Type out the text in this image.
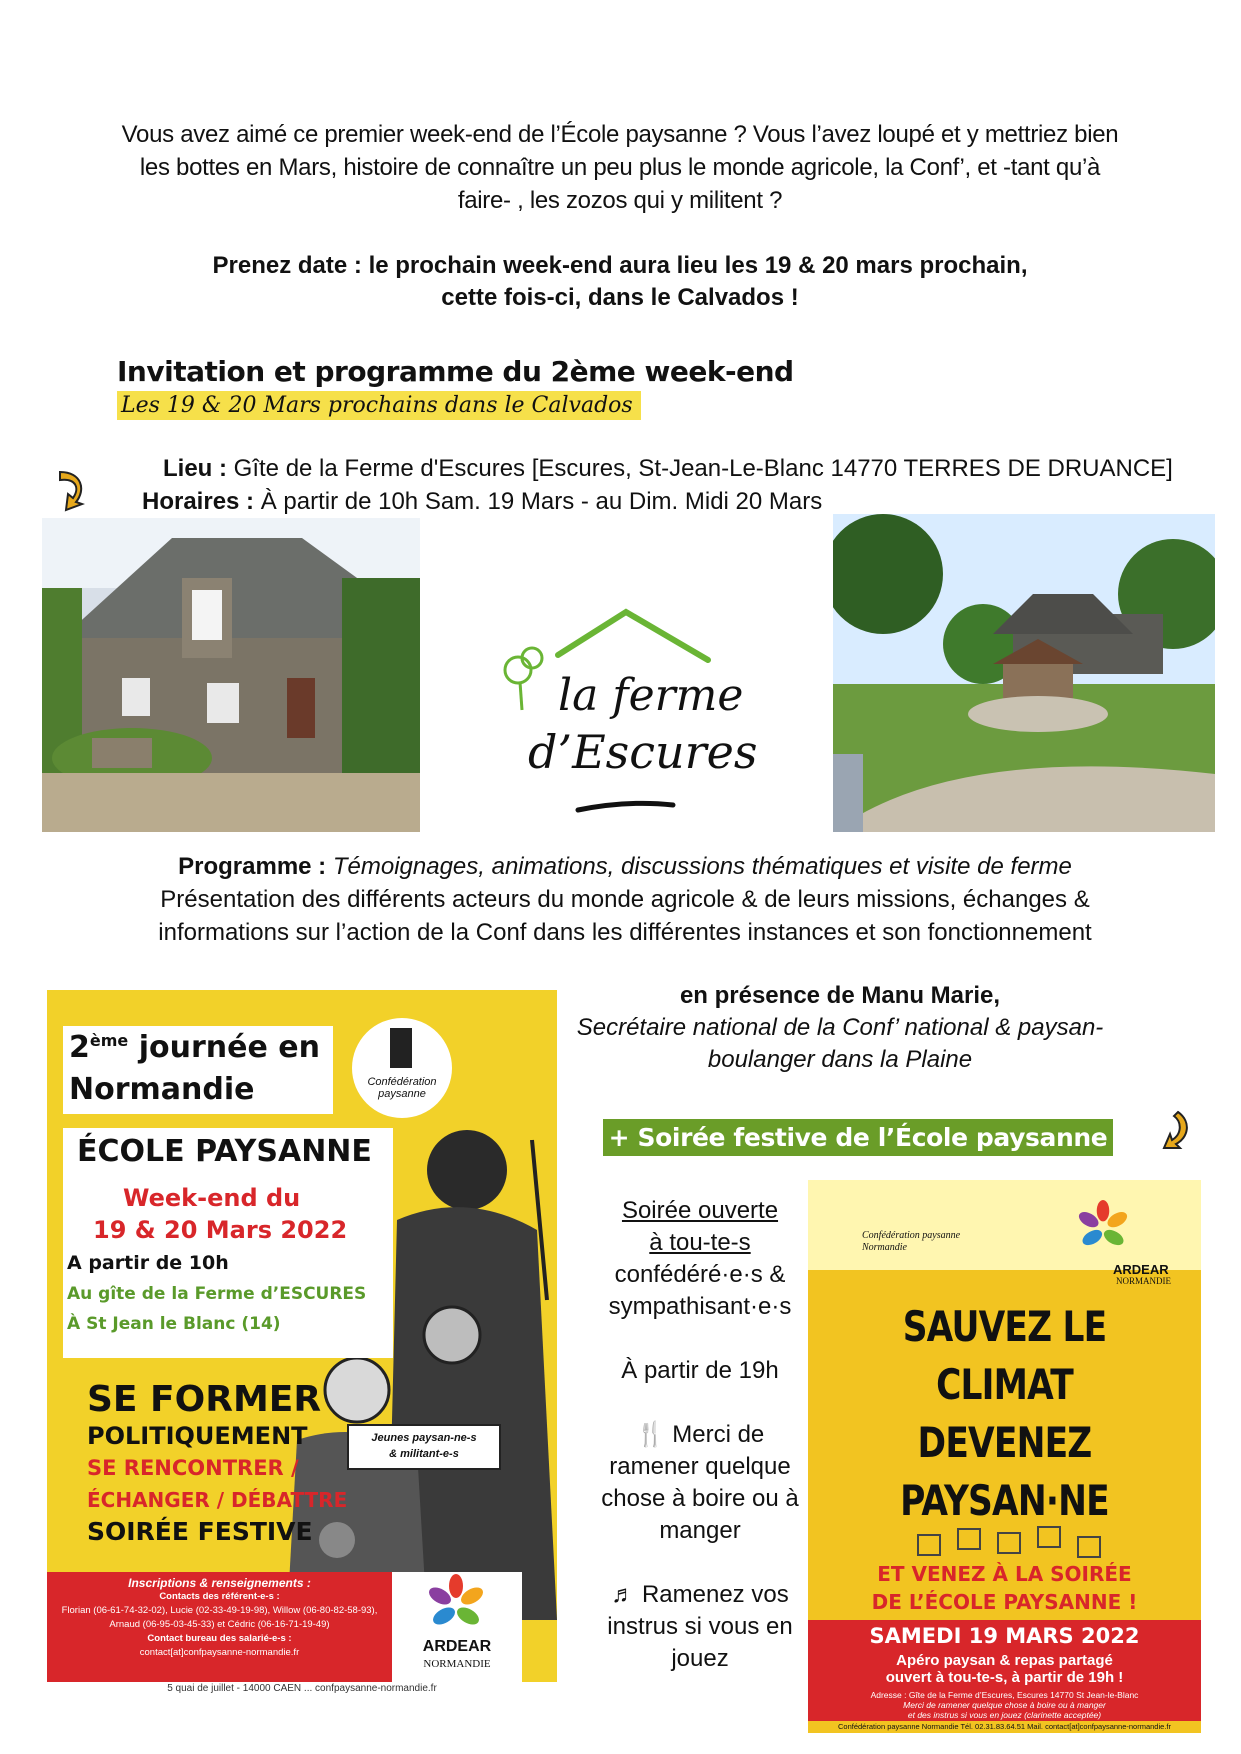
Vous avez aimé ce premier week-end de l’École paysanne ? Vous l’avez loupé et y mettriez bien
les bottes en Mars, histoire de connaître un peu plus le monde agricole, la Conf’, et -tant qu’à
faire- , les zozos qui y militent ?
Prenez date : le prochain week-end aura lieu les 19 & 20 mars prochain,
cette fois-ci, dans le Calvados !
Invitation et programme du 2ème week-end
Les 19 & 20 Mars prochains dans le Calvados
Lieu : Gîte de la Ferme d'Escures [Escures, St-Jean-Le-Blanc 14770 TERRES DE DRUANCE]
Horaires : À partir de 10h Sam. 19 Mars - au Dim. Midi 20 Mars
la ferme
d’Escures
Programme : Témoignages, animations, discussions thématiques et visite de ferme
Présentation des différents acteurs du monde agricole & de leurs missions, échanges &
informations sur l’action de la Conf dans les différentes instances et son fonctionnement
en présence de Manu Marie,
Secrétaire national de la Conf’ national & paysan-
boulanger dans la Plaine
+ Soirée festive de l’École paysanne
Soirée ouverte
à tou-te-s
confédéré·e·s &
sympathisant·e·s
À partir de 19h
🍴 Merci de
ramener quelque
chose à boire ou à
manger
♬ Ramenez vos
instrus si vous en
jouez
2ème journée en
Normandie	Confédération paysanne
ÉCOLE PAYSANNE
Week-end du
19 & 20 Mars 2022
A partir de 10h
Au gîte de la Ferme d’ESCURES
À St Jean le Blanc (14)
SE FORMER
POLITIQUEMENT
SE RENCONTRER /
ÉCHANGER / DÉBATTRE
SOIRÉE FESTIVE
Jeunes paysan-ne-s
& militant-e-s
Inscriptions & renseignements :
Contacts des référent-e-s :
Florian (06-61-74-32-02), Lucie (02-33-49-19-98), Willow (06-80-82-58-93),
Arnaud (06-95-03-45-33) et Cédric (06-16-71-19-49)
Contact bureau des salarié-e-s :
contact[at]confpaysanne-normandie.fr	ARDEAR
NORMANDIE
5 quai de juillet - 14000 CAEN ... confpaysanne-normandie.fr
Confédération paysanne Normandie
ARDEAR
NORMANDIE
SAUVEZ LE
CLIMAT
DEVENEZ
PAYSAN·NE
ET VENEZ À LA SOIRÉE
DE L’ÉCOLE PAYSANNE !
SAMEDI 19 MARS 2022
Apéro paysan & repas partagé
ouvert à tou-te-s, à partir de 19h !
Adresse : Gîte de la Ferme d’Escures, Escures 14770 St Jean-le-Blanc
Merci de ramener quelque chose à boire ou à manger
et des instrus si vous en jouez (clarinette acceptée)
Confédération paysanne Normandie Tél. 02.31.83.64.51 Mail. contact[at]confpaysanne-normandie.fr
